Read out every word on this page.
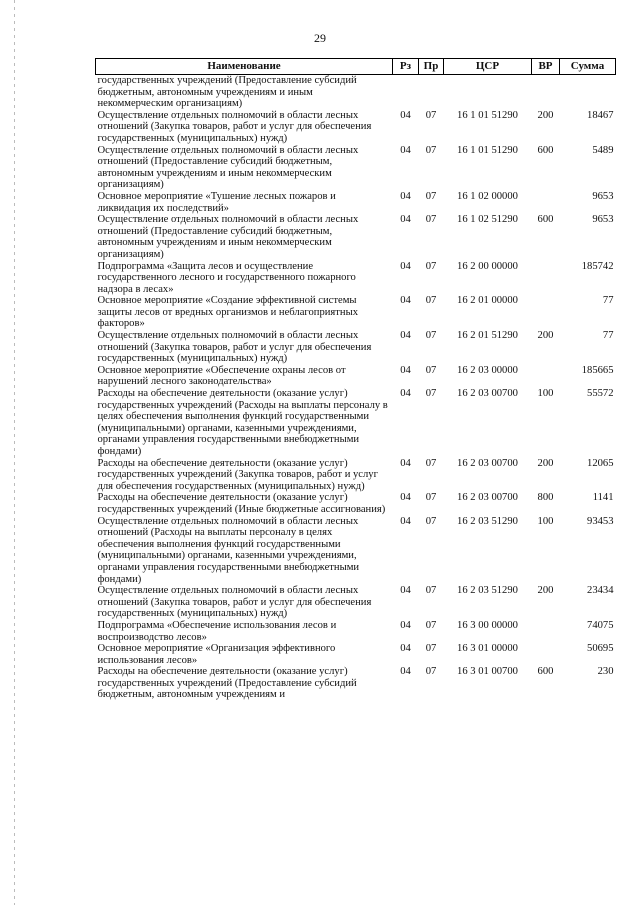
29
Наименование	Рз	Пр	ЦСР	ВР	Сумма
государственных учреждений (Предоставление субсидий бюджетным, автономным учреждениям и иным некоммерческим организациям)					
Осуществление отдельных полномочий в области лесных отношений (Закупка товаров, работ и услуг для обеспечения государственных (муниципальных) нужд)	04	07	16 1 01 51290	200	18467
Осуществление отдельных полномочий в области лесных отношений (Предоставление субсидий бюджетным, автономным учреждениям и иным некоммерческим организациям)	04	07	16 1 01 51290	600	5489
Основное мероприятие «Тушение лесных пожаров и ликвидация их последствий»	04	07	16 1 02 00000		9653
Осуществление отдельных полномочий в области лесных отношений (Предоставление субсидий бюджетным, автономным учреждениям и иным некоммерческим организациям)	04	07	16 1 02 51290	600	9653
Подпрограмма «Защита лесов и осуществление государственного лесного и государственного пожарного надзора в лесах»	04	07	16 2 00 00000		185742
Основное мероприятие «Создание эффективной системы защиты лесов от вредных организмов и неблагоприятных факторов»	04	07	16 2 01 00000		77
Осуществление отдельных полномочий в области лесных отношений (Закупка товаров, работ и услуг для обеспечения государственных (муниципальных) нужд)	04	07	16 2 01 51290	200	77
Основное мероприятие «Обеспечение охраны лесов от нарушений лесного законодательства»	04	07	16 2 03 00000		185665
Расходы на обеспечение деятельности (оказание услуг) государственных учреждений (Расходы на выплаты персоналу в целях обеспечения выполнения функций государственными (муниципальными) органами, казенными учреждениями, органами управления государственными внебюджетными фондами)	04	07	16 2 03 00700	100	55572
Расходы на обеспечение деятельности (оказание услуг) государственных учреждений (Закупка товаров, работ и услуг для обеспечения государственных (муниципальных) нужд)	04	07	16 2 03 00700	200	12065
Расходы на обеспечение деятельности (оказание услуг) государственных учреждений (Иные бюджетные ассигнования)	04	07	16 2 03 00700	800	1141
Осуществление отдельных полномочий в области лесных отношений (Расходы на выплаты персоналу в целях обеспечения выполнения функций государственными (муниципальными) органами, казенными учреждениями, органами управления государственными внебюджетными фондами)	04	07	16 2 03 51290	100	93453
Осуществление отдельных полномочий в области лесных отношений (Закупка товаров, работ и услуг для обеспечения государственных (муниципальных) нужд)	04	07	16 2 03 51290	200	23434
Подпрограмма «Обеспечение использования лесов и воспроизводство лесов»	04	07	16 3 00 00000		74075
Основное мероприятие «Организация эффективного использования лесов»	04	07	16 3 01 00000		50695
Расходы на обеспечение деятельности (оказание услуг) государственных учреждений (Предоставление субсидий бюджетным, автономным учреждениям и	04	07	16 3 01 00700	600	230
